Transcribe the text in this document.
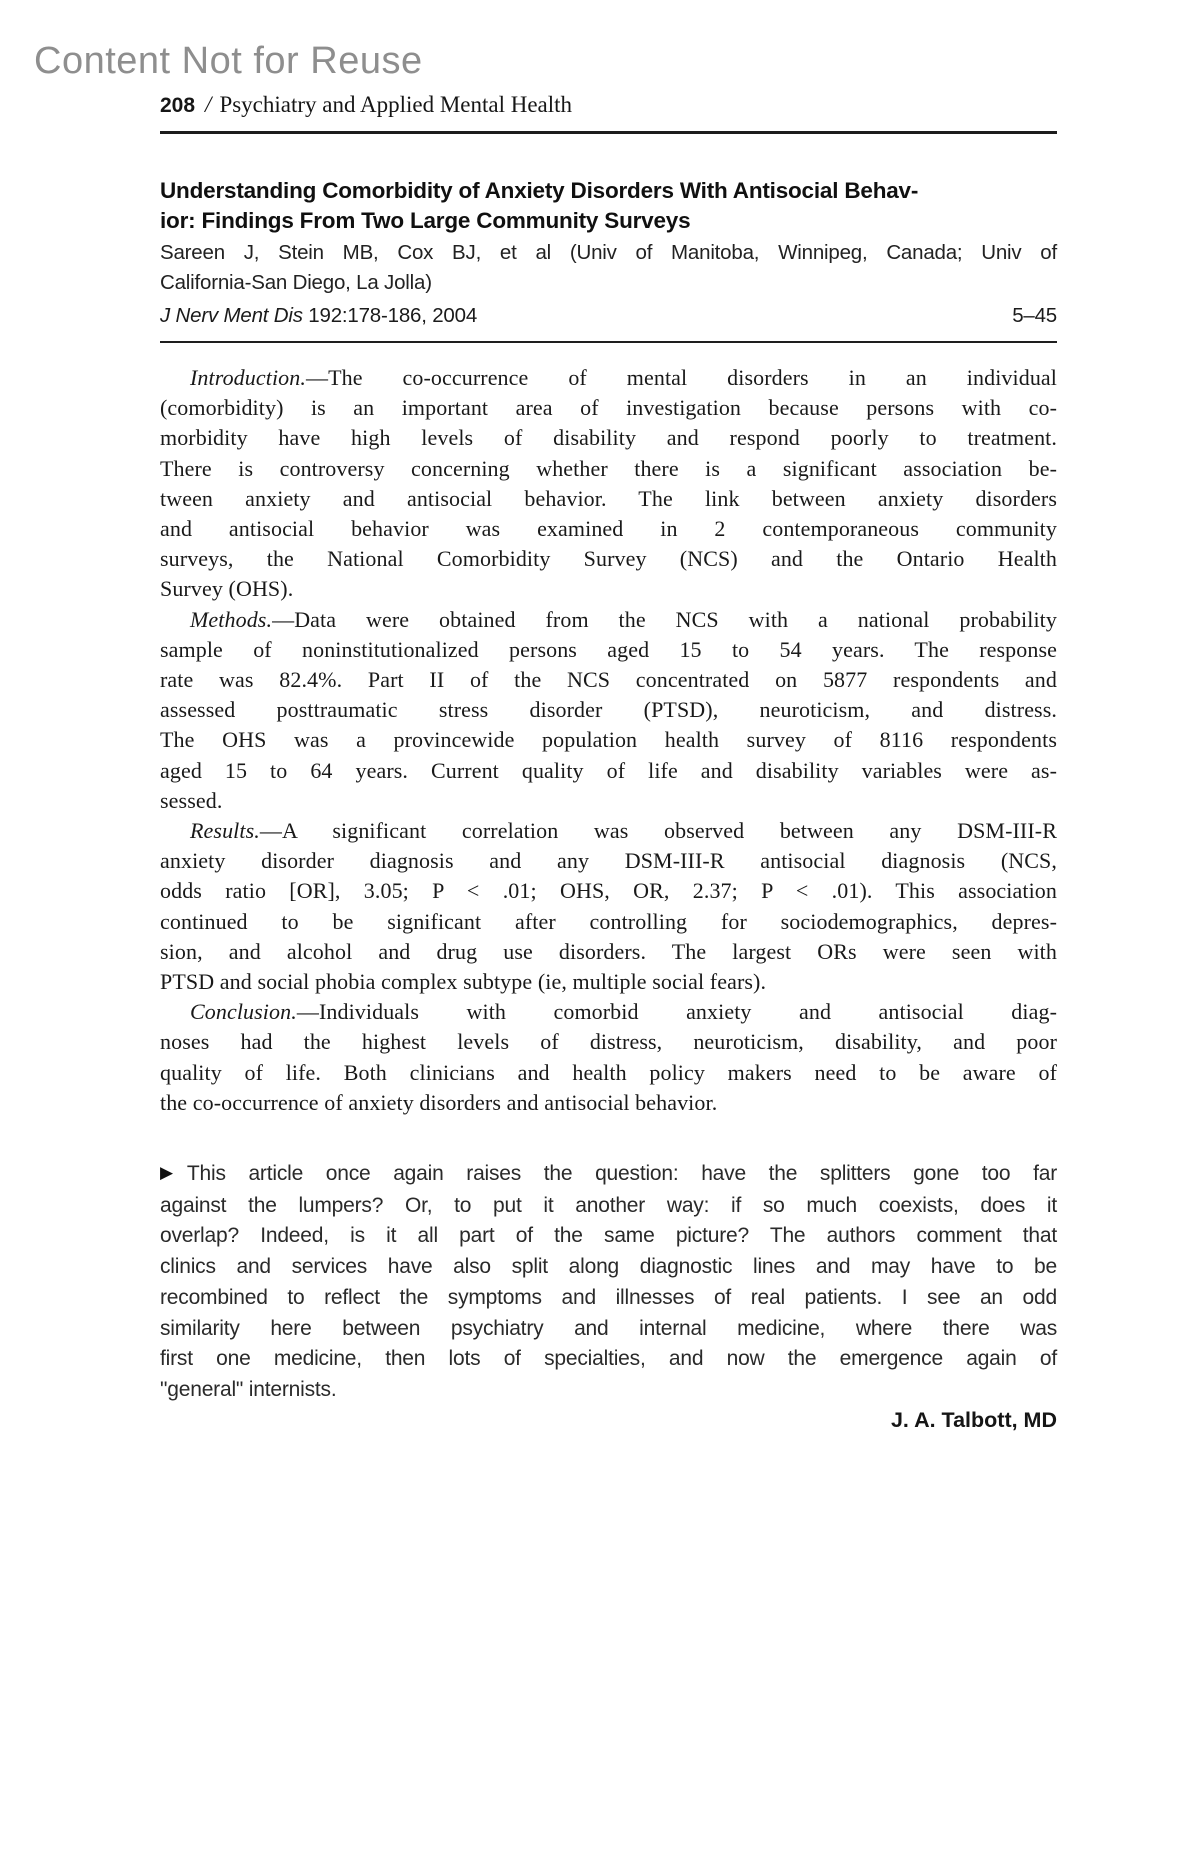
Content Not for Reuse
208 / Psychiatry and Applied Mental Health
Understanding Comorbidity of Anxiety Disorders With Antisocial Behav-
ior: Findings From Two Large Community Surveys
Sareen J, Stein MB, Cox BJ, et al (Univ of Manitoba, Winnipeg, Canada; Univ of
California-San Diego, La Jolla)
J Nerv Ment Dis 192:178-186, 2004	5–45
Introduction.—The co-occurrence of mental disorders in an individual
(comorbidity) is an important area of investigation because persons with co-
morbidity have high levels of disability and respond poorly to treatment.
There is controversy concerning whether there is a significant association be-
tween anxiety and antisocial behavior. The link between anxiety disorders
and antisocial behavior was examined in 2 contemporaneous community
surveys, the National Comorbidity Survey (NCS) and the Ontario Health
Survey (OHS).
Methods.—Data were obtained from the NCS with a national probability
sample of noninstitutionalized persons aged 15 to 54 years. The response
rate was 82.4%. Part II of the NCS concentrated on 5877 respondents and
assessed posttraumatic stress disorder (PTSD), neuroticism, and distress.
The OHS was a provincewide population health survey of 8116 respondents
aged 15 to 64 years. Current quality of life and disability variables were as-
sessed.
Results.—A significant correlation was observed between any DSM-III-R
anxiety disorder diagnosis and any DSM-III-R antisocial diagnosis (NCS,
odds ratio [OR], 3.05; P < .01; OHS, OR, 2.37; P < .01). This association
continued to be significant after controlling for sociodemographics, depres-
sion, and alcohol and drug use disorders. The largest ORs were seen with
PTSD and social phobia complex subtype (ie, multiple social fears).
Conclusion.—Individuals with comorbid anxiety and antisocial diag-
noses had the highest levels of distress, neuroticism, disability, and poor
quality of life. Both clinicians and health policy makers need to be aware of
the co-occurrence of anxiety disorders and antisocial behavior.
▶ This article once again raises the question: have the splitters gone too far
against the lumpers? Or, to put it another way: if so much coexists, does it
overlap? Indeed, is it all part of the same picture? The authors comment that
clinics and services have also split along diagnostic lines and may have to be
recombined to reflect the symptoms and illnesses of real patients. I see an odd
similarity here between psychiatry and internal medicine, where there was
first one medicine, then lots of specialties, and now the emergence again of
"general" internists.
J. A. Talbott, MD
